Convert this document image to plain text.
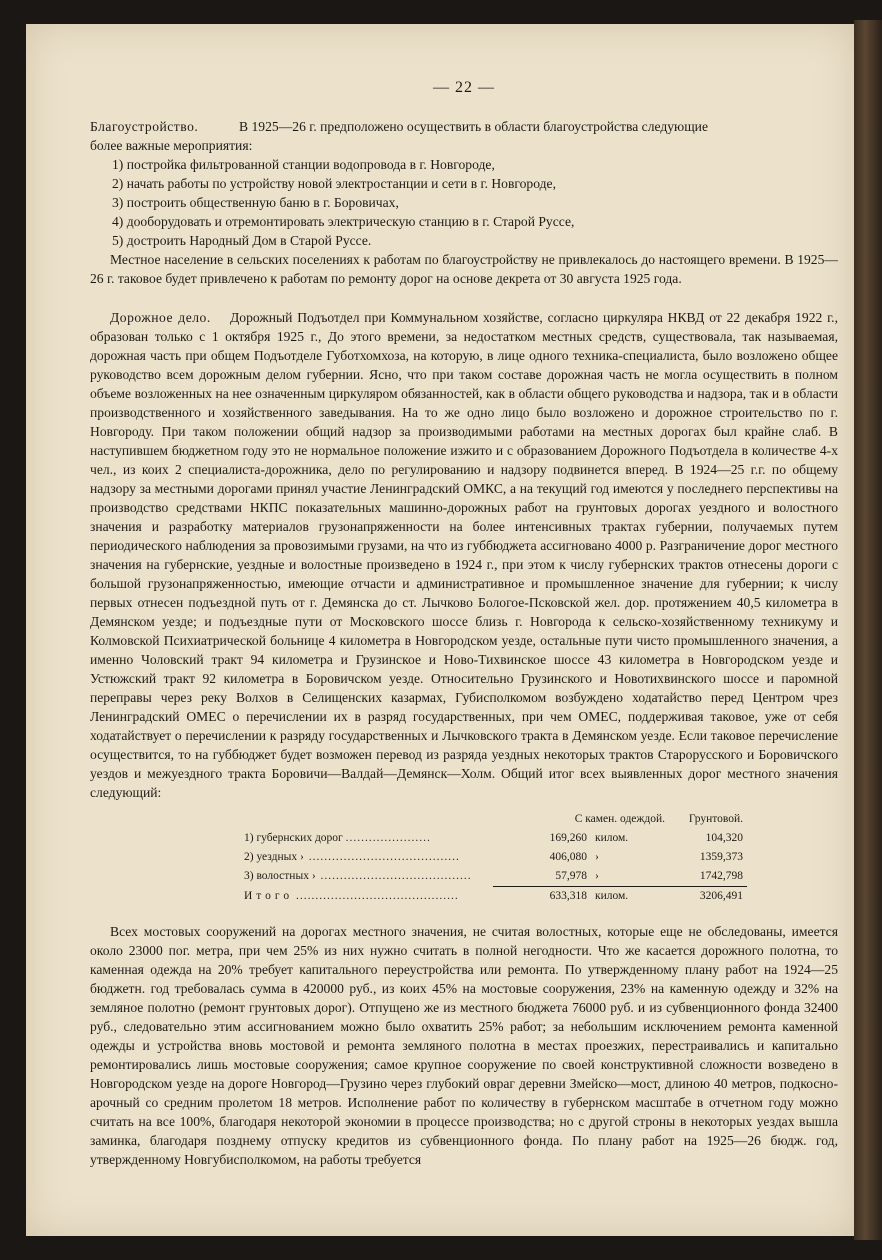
— 22 —

Благоустройство.	В 1925—26 г. предположено осуществить в области благоустройства следующие

более важные мероприятия:

1) постройка фильтрованной станции водопровода в г. Новгороде,
2) начать работы по устройству новой электростанции и сети в г. Новгороде,
3) построить общественную баню в г. Боровичах,
4) дооборудовать и отремонтировать электрическую станцию в г. Старой Руссе,
5) достроить Народный Дом в Старой Руссе.

Местное население в сельских поселениях к работам по благоустройству не привлекалось до настоящего времени. В 1925—26 г. таковое будет привлечено к работам по ремонту дорог на основе декрета от 30 августа 1925 года.

Дорожное дело. Дорожный Подъотдел при Коммунальном хозяйстве, согласно циркуляра НКВД от 22 декабря 1922 г., образован только с 1 октября 1925 г., До этого времени, за недостатком местных средств, существовала, так называемая, дорожная часть при общем Подъотделе Губотхомхоза, на которую, в лице одного техника-специалиста, было возложено общее руководство всем дорожным делом губернии. Ясно, что при таком составе дорожная часть не могла осуществить в полном объеме возложенных на нее означенным циркуляром обязанностей, как в области общего руководства и надзора, так и в области производственного и хозяйственного заведывания. На то же одно лицо было возложено и дорожное строительство по г. Новгороду. При таком положении общий надзор за производимыми работами на местных дорогах был крайне слаб. В наступившем бюджетном году это не нормальное положение изжито и с образованием Дорожного Подъотдела в количестве 4-х чел., из коих 2 специалиста-дорожника, дело по регулированию и надзору подвинется вперед. В 1924—25 г.г. по общему надзору за местными дорогами принял участие Ленинградский ОМКС, а на текущий год имеются у последнего перспективы на производство средствами НКПС показательных машинно-дорожных работ на грунтовых дорогах уездного и волостного значения и разработку материалов грузонапряженности на более интенсивных трактах губернии, получаемых путем периодического наблюдения за провозимыми грузами, на что из губбюджета ассигновано 4000 р. Разграничение дорог местного значения на губернские, уездные и волостные произведено в 1924 г., при этом к числу губернских трактов отнесены дороги с большой грузонапряженностью, имеющие отчасти и административное и промышленное значение для губернии; к числу первых отнесен подъездной путь от г. Демянска до ст. Лычково Бологое-Псковской жел. дор. протяжением 40,5 километра в Демянском уезде; и подъездные пути от Московского шоссе близь г. Новгорода к сельско-хозяйственному техникуму и Колмовской Психиатрической больнице 4 километра в Новгородском уезде, остальные пути чисто промышленного значения, а именно Чоловский тракт 94 километра и Грузинское и Ново-Тихвинское шоссе 43 километра в Новгородском уезде и Устюжский тракт 92 километра в Боровичском уезде. Относительно Грузинского и Новотихвинского шоссе и паромной переправы через реку Волхов в Селищенских казармах, Губисполкомом возбуждено ходатайство перед Центром чрез Ленинградский ОМЕС о перечислении их в разряд государственных, при чем ОМЕС, поддерживая таковое, уже от себя ходатайствует о перечислении к разряду государственных и Лычковского тракта в Демянском уезде. Если таковое перечисление осуществится, то на губбюджет будет возможен перевод из разряда уездных некоторых трактов Старорусского и Боровичского уездов и межуездного тракта Боровичи—Валдай—Демянск—Холм. Общий итог всех выявленных дорог местного значения следующий:

	С камен. одеждой.		Грунтовой.
1) губернских дорог ......................	169,260	килом.	104,320
2) уездных › .......................................	406,080	›	1359,373
3) волостных › .......................................	57,978	›	1742,798
Итого ..........................................	633,318	килом.	3206,491

Всех мостовых сооружений на дорогах местного значения, не считая волостных, которые еще не обследованы, имеется около 23000 пог. метра, при чем 25% из них нужно считать в полной негодности. Что же касается дорожного полотна, то каменная одежда на 20% требует капитального переустройства или ремонта. По утвержденному плану работ на 1924—25 бюджетн. год требовалась сумма в 420000 руб., из коих 45% на мостовые сооружения, 23% на каменную одежду и 32% на земляное полотно (ремонт грунтовых дорог). Отпущено же из местного бюджета 76000 руб. и из субвенционного фонда 32400 руб., следовательно этим ассигнованием можно было охватить 25% работ; за небольшим исключением ремонта каменной одежды и устройства вновь мостовой и ремонта земляного полотна в местах проезжих, перестраивались и капитально ремонтировались лишь мостовые сооружения; самое крупное сооружение по своей конструктивной сложности возведено в Новгородском уезде на дороге Новгород—Грузино через глубокий овраг деревни Змейско—мост, длиною 40 метров, подкосно-арочный со средним пролетом 18 метров. Исполнение работ по количеству в губернском масштабе в отчетном году можно считать на все 100%, благодаря некоторой экономии в процессе производства; но с другой строны в некоторых уездах вышла заминка, благодаря позднему отпуску кредитов из субвенционного фонда. По плану работ на 1925—26 бюдж. год, утвержденному Новгубисполкомом, на работы требуется
